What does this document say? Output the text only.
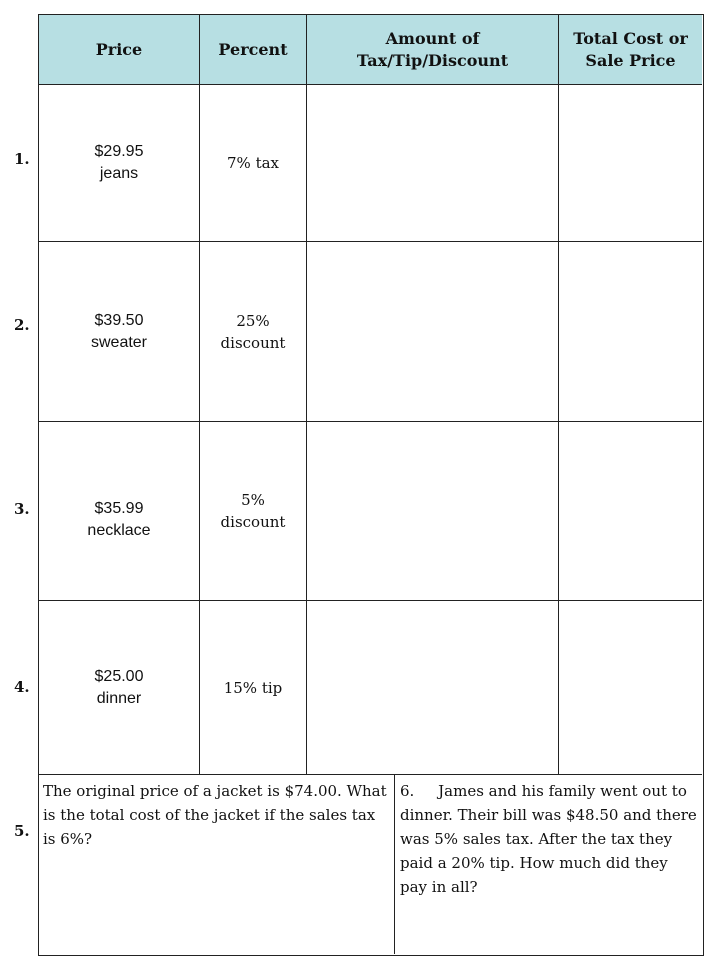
1.
2.
3.
4.
5.
Price	Percent
Amount of Tax/Tip/Discount
Total Cost or Sale Price
$29.95
jeans
7% tax
$39.50
sweater
25%
discount
$35.99
necklace
5%
discount
$25.00
dinner
15% tip
The original price of a jacket is $74.00. What is the total cost of the jacket if the sales tax is 6%?
6.     James and his family went out to dinner. Their bill was $48.50 and there was 5% sales tax. After the tax they paid a 20% tip. How much did they pay in all?
